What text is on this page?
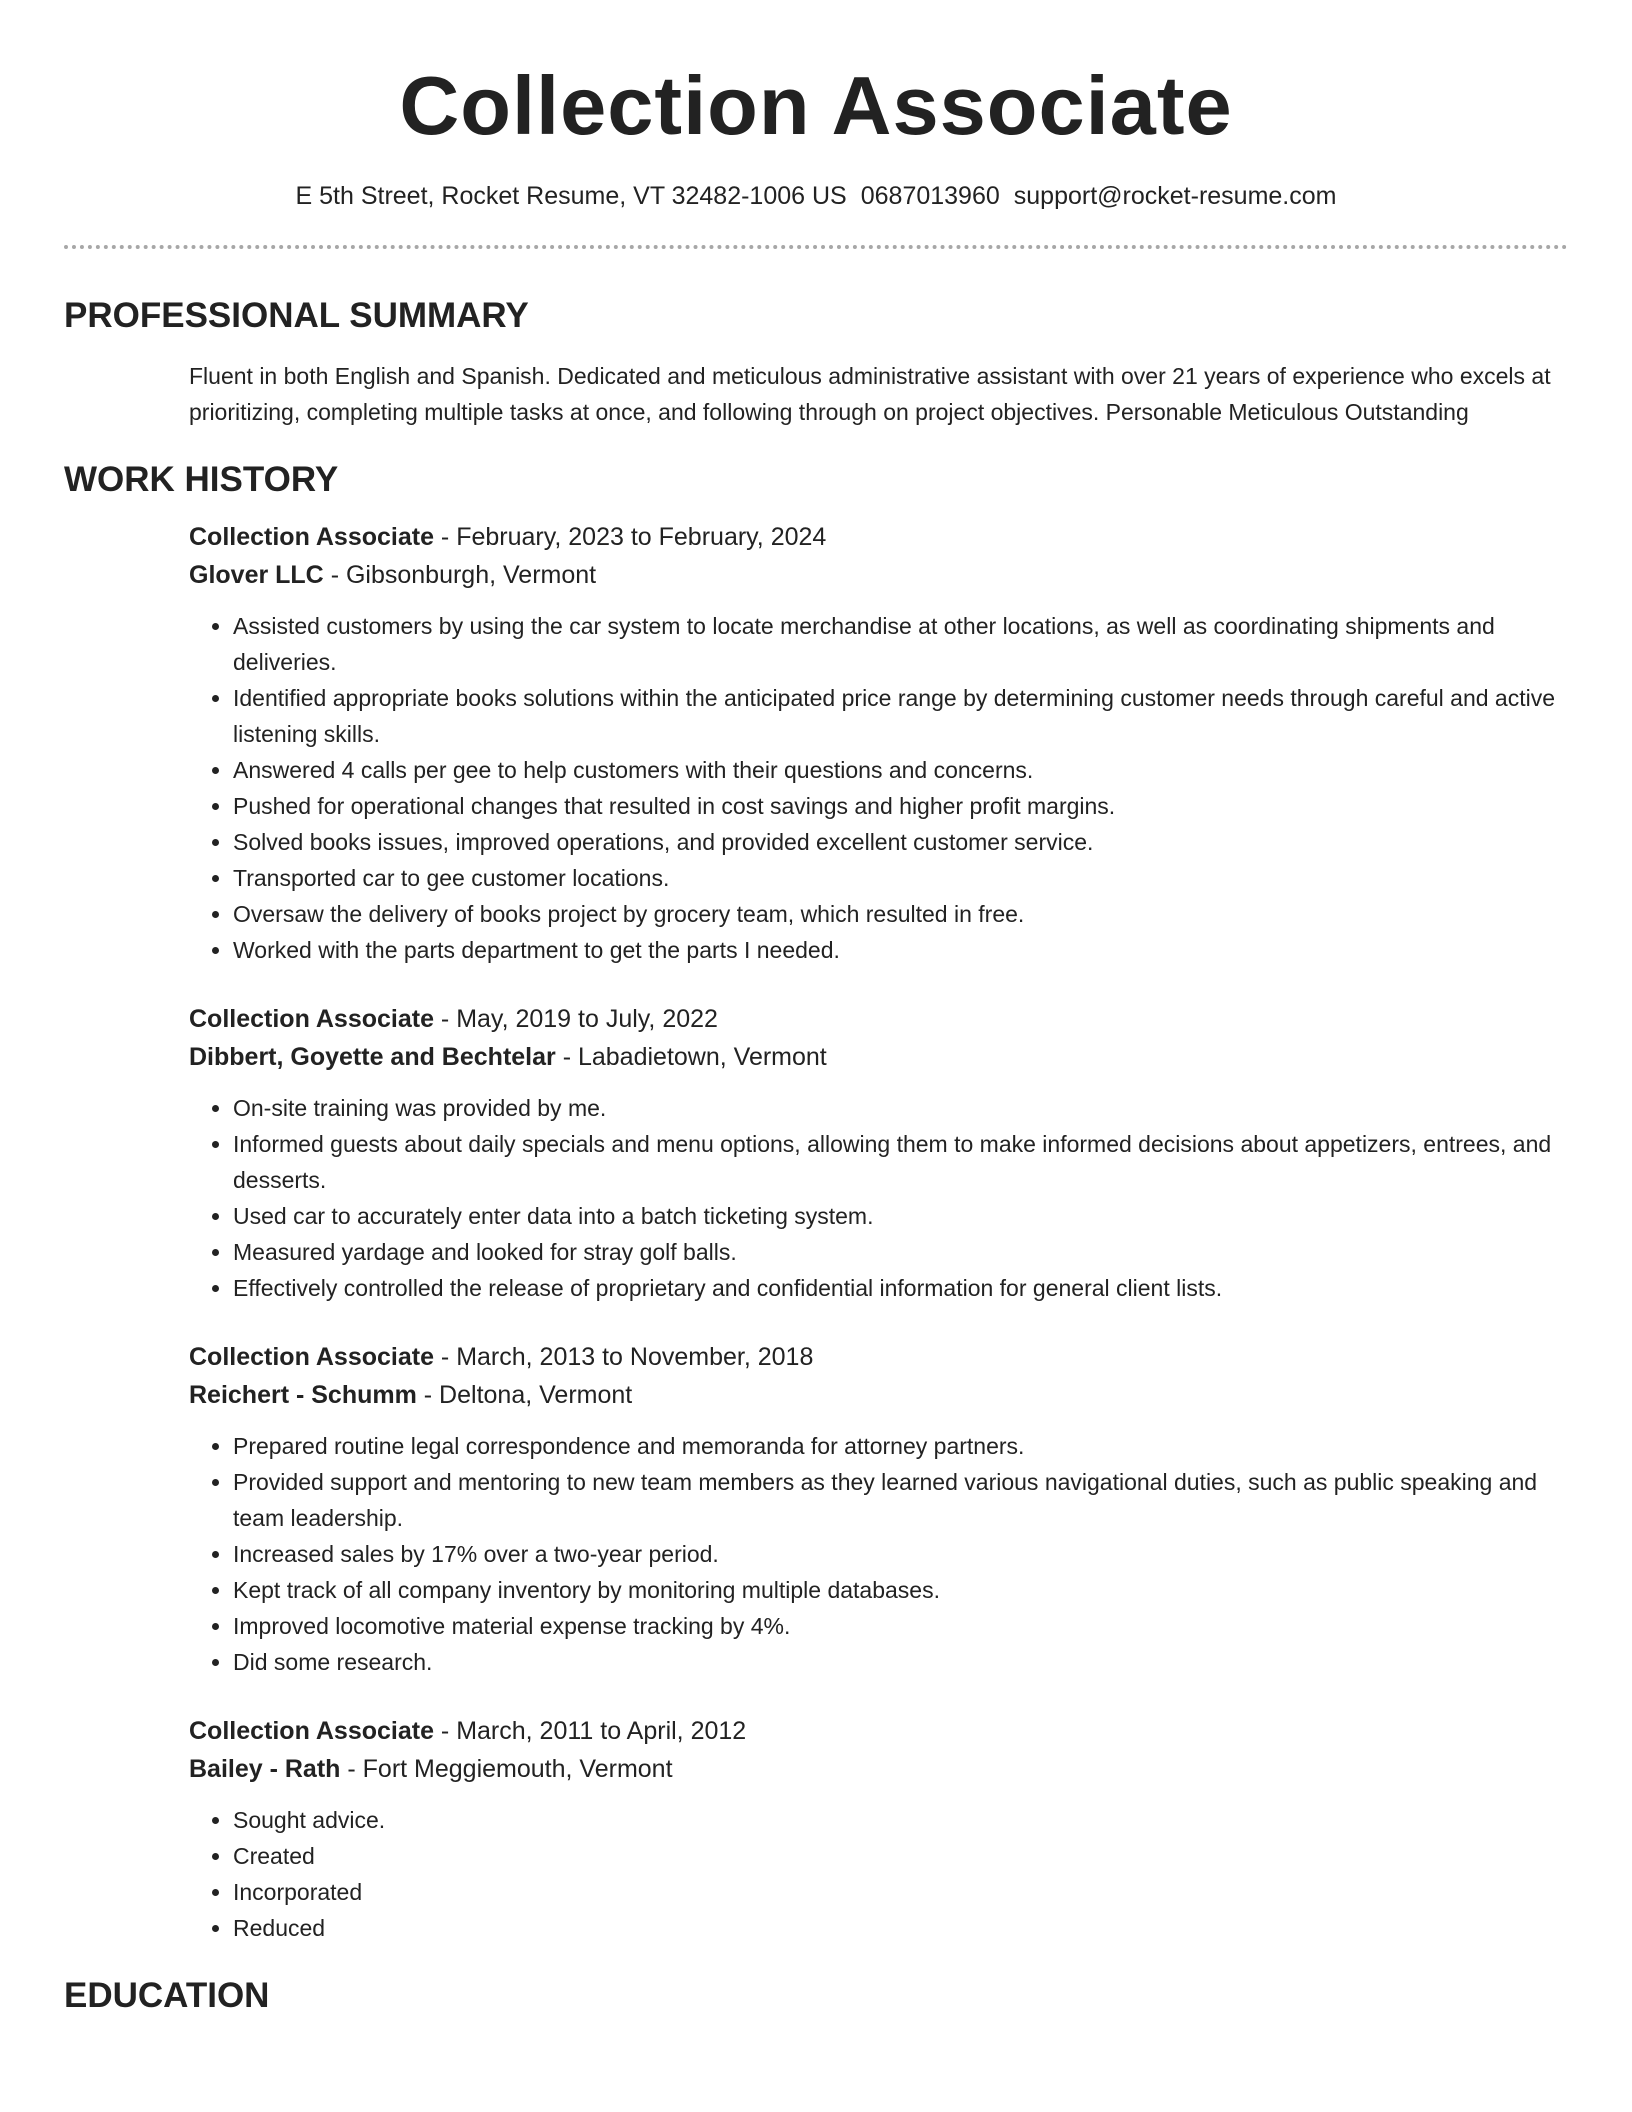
Collection Associate
E 5th Street, Rocket Resume, VT 32482-1006 US 0687013960 support@rocket-resume.com
PROFESSIONAL SUMMARY
Fluent in both English and Spanish. Dedicated and meticulous administrative assistant with over 21 years of experience who excels at prioritizing, completing multiple tasks at once, and following through on project objectives. Personable Meticulous Outstanding
WORK HISTORY
Collection Associate - February, 2023 to February, 2024
Glover LLC - Gibsonburgh, Vermont
• Assisted customers by using the car system to locate merchandise at other locations, as well as coordinating shipments and deliveries.
• Identified appropriate books solutions within the anticipated price range by determining customer needs through careful and active listening skills.
• Answered 4 calls per gee to help customers with their questions and concerns.
• Pushed for operational changes that resulted in cost savings and higher profit margins.
• Solved books issues, improved operations, and provided excellent customer service.
• Transported car to gee customer locations.
• Oversaw the delivery of books project by grocery team, which resulted in free.
• Worked with the parts department to get the parts I needed.
Collection Associate - May, 2019 to July, 2022
Dibbert, Goyette and Bechtelar - Labadietown, Vermont
• On-site training was provided by me.
• Informed guests about daily specials and menu options, allowing them to make informed decisions about appetizers, entrees, and desserts.
• Used car to accurately enter data into a batch ticketing system.
• Measured yardage and looked for stray golf balls.
• Effectively controlled the release of proprietary and confidential information for general client lists.
Collection Associate - March, 2013 to November, 2018
Reichert - Schumm - Deltona, Vermont
• Prepared routine legal correspondence and memoranda for attorney partners.
• Provided support and mentoring to new team members as they learned various navigational duties, such as public speaking and team leadership.
• Increased sales by 17% over a two-year period.
• Kept track of all company inventory by monitoring multiple databases.
• Improved locomotive material expense tracking by 4%.
• Did some research.
Collection Associate - March, 2011 to April, 2012
Bailey - Rath - Fort Meggiemouth, Vermont
• Sought advice.
• Created
• Incorporated
• Reduced
EDUCATION
